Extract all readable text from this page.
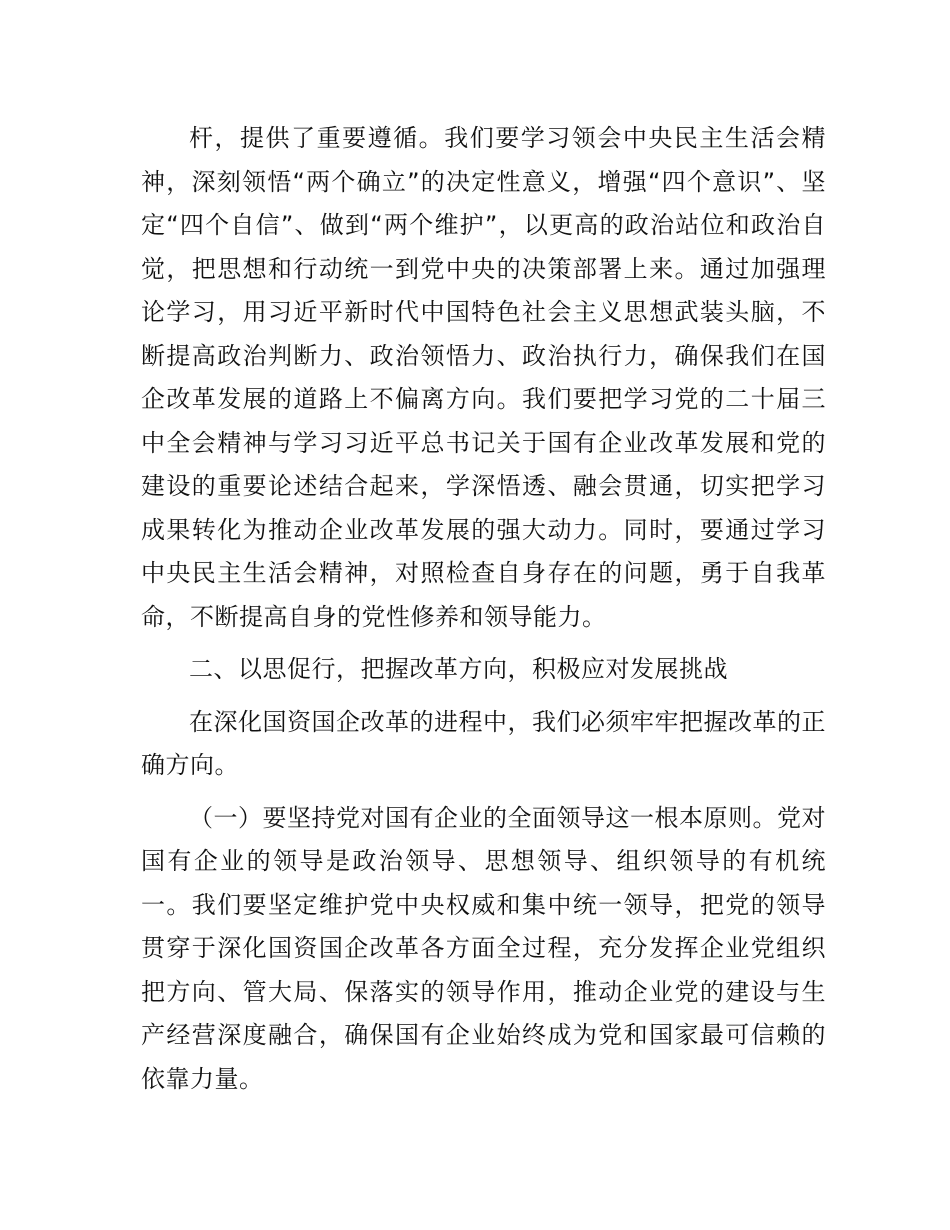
杆，提供了重要遵循。我们要学习领会中央民主生活会精神，深刻领悟“两个确立”的决定性意义，增强“四个意识”、坚定“四个自信”、做到“两个维护”，以更高的政治站位和政治自觉，把思想和行动统一到党中央的决策部署上来。通过加强理论学习，用习近平新时代中国特色社会主义思想武装头脑，不断提高政治判断力、政治领悟力、政治执行力，确保我们在国企改革发展的道路上不偏离方向。我们要把学习党的二十届三中全会精神与学习习近平总书记关于国有企业改革发展和党的建设的重要论述结合起来，学深悟透、融会贯通，切实把学习成果转化为推动企业改革发展的强大动力。同时，要通过学习中央民主生活会精神，对照检查自身存在的问题，勇于自我革命，不断提高自身的党性修养和领导能力。

二、以思促行，把握改革方向，积极应对发展挑战

在深化国资国企改革的进程中，我们必须牢牢把握改革的正确方向。

（一）要坚持党对国有企业的全面领导这一根本原则。党对国有企业的领导是政治领导、思想领导、组织领导的有机统一。我们要坚定维护党中央权威和集中统一领导，把党的领导贯穿于深化国资国企改革各方面全过程，充分发挥企业党组织把方向、管大局、保落实的领导作用，推动企业党的建设与生产经营深度融合，确保国有企业始终成为党和国家最可信赖的依靠力量。
